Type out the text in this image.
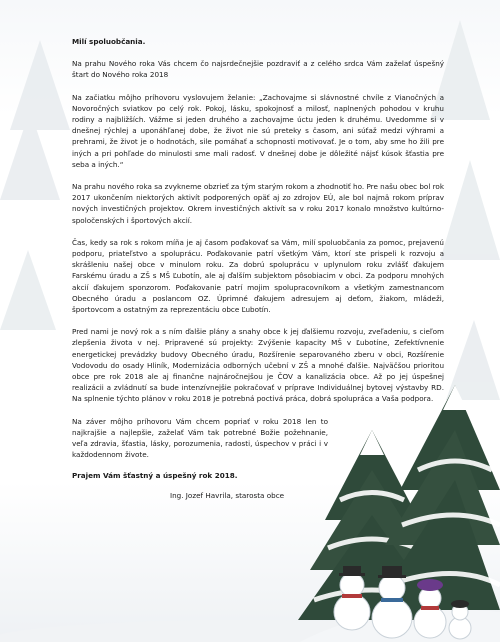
Milí spoluobčania.

Na prahu Nového roka Vás chcem čo najsrdečnejšie pozdraviť a z celého srdca Vám zaželať úspešný štart do Nového roka 2018

Na začiatku môjho príhovoru vyslovujem želanie: „Zachovajme si slávnostné chvíle z Vianočných a Novoročných sviatkov po celý rok. Pokoj, lásku, spokojnosť a milosť, naplnených pohodou v kruhu rodiny a najbližších. Vážme si jeden druhého a zachovajme úctu jeden k druhému. Uvedomme si v dnešnej rýchlej a uponáhľanej dobe, že život nie sú preteky s časom, ani súťaž medzi výhrami a prehrami, že život je o hodnotách, sile pomáhať a schopnosti motivovať. Je o tom, aby sme ho žili pre iných a pri pohľade do minulosti sme mali radosť. V dnešnej dobe je dôležité nájsť kúsok šťastia pre seba a iných.“

Na prahu nového roka sa zvykneme obzrieť za tým starým rokom a zhodnotiť ho. Pre našu obec bol rok 2017 ukončením niektorých aktivít podporených opäť aj zo zdrojov EÚ, ale bol najmä rokom príprav nových investičných projektov. Okrem investičných aktivít sa v roku 2017 konalo množstvo kultúrno-spoločenských i športových akcií.

Čas, kedy sa rok s rokom míňa je aj časom poďakovať sa Vám, milí spoluobčania za pomoc, prejavenú podporu, priateľstvo a spoluprácu. Poďakovanie patrí všetkým Vám, ktorí ste prispeli k rozvoju a skrášleniu našej obce v minulom roku. Za dobrú spoluprácu v uplynulom roku zvlášť ďakujem Farskému úradu a ZŠ s MŠ Ľubotín, ale aj ďalším subjektom pôsobiacim v obci. Za podporu mnohých akcií ďakujem sponzorom. Poďakovanie patrí mojim spolupracovníkom a všetkým zamestnancom Obecného úradu a poslancom OZ. Úprimné ďakujem adresujem aj deťom, žiakom, mládeži, športovcom a ostatným za reprezentáciu obce Ľubotín.

Pred nami je nový rok a s ním ďalšie plány a snahy obce k jej ďalšiemu rozvoju, zveľadeniu, s cieľom zlepšenia života v nej. Pripravené sú projekty: Zvýšenie kapacity MŠ v Ľubotíne, Zefektívnenie energetickej prevádzky budovy Obecného úradu, Rozšírenie separovaného zberu v obci, Rozšírenie Vodovodu do osady Hliník, Modernizácia odborných učební v ZŠ a mnohé ďalšie. Najväčšou prioritou obce pre rok 2018 ale aj finančne najnáročnejšou je ČOV a kanalizácia obce. Až po jej úspešnej realizácii a zvládnutí sa bude intenzívnejšie pokračovať v príprave Individuálnej bytovej výstavby RD. Na splnenie týchto plánov v roku 2018 je potrebná poctivá práca, dobrá spolupráca a Vaša podpora.

Na záver môjho príhovoru Vám chcem popriať v roku 2018 len to najkrajšie a najlepšie, zaželať Vám tak potrebné Božie požehnanie, veľa zdravia, šťastia, lásky, porozumenia, radosti, úspechov v práci i v každodennom živote.

Prajem Vám šťastný a úspešný rok 2018.

Ing. Jozef Havrila, starosta obce
